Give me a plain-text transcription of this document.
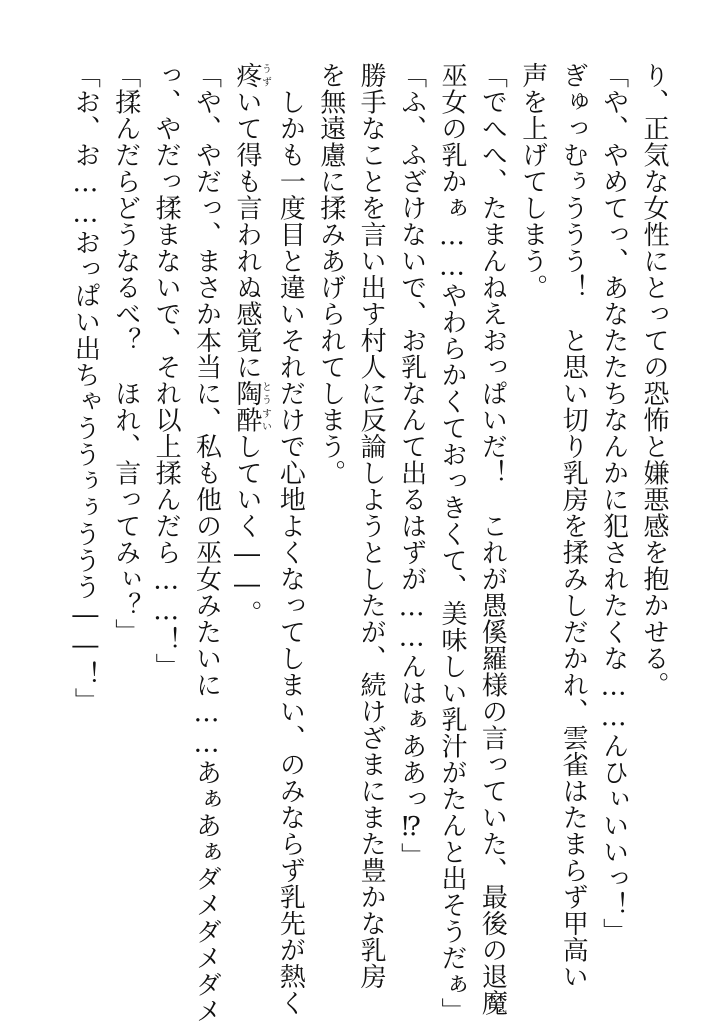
り、正気な女性にとっての恐怖と嫌悪感を抱かせる。
「や、やめてっ、あなたたちなんかに犯されたくな……んひぃいいっ！」
ぎゅっむぅううう！　と思い切り乳房を揉みしだかれ、雲雀はたまらず甲高い
声を上げてしまう。
「でへへ、たまんねえおっぱいだ！　これが愚傒羅様の言っていた、最後の退魔
巫女の乳かぁ……やわらかくておっきくて、美味しい乳汁がたんと出そうだぁ」
「ふ、ふざけないで、お乳なんて出るはずが……んはぁああっ⁉」
勝手なことを言い出す村人に反論しようとしたが、続けざまにまた豊かな乳房
を無遠慮に揉みあげられてしまう。
　しかも一度目と違いそれだけで心地よくなってしまい、のみならず乳先が熱く
疼うずいて得も言われぬ感覚に陶酔とうすいしていく――。
「や、やだっ、まさか本当に、私も他の巫女みたいに……あぁあぁダメダメダメ
っ、やだっ揉まないで、それ以上揉んだら……！」
「揉んだらどうなるべ？　ほれ、言ってみぃ？」
「お、お……おっぱい出ちゃううぅぅううう――！」
